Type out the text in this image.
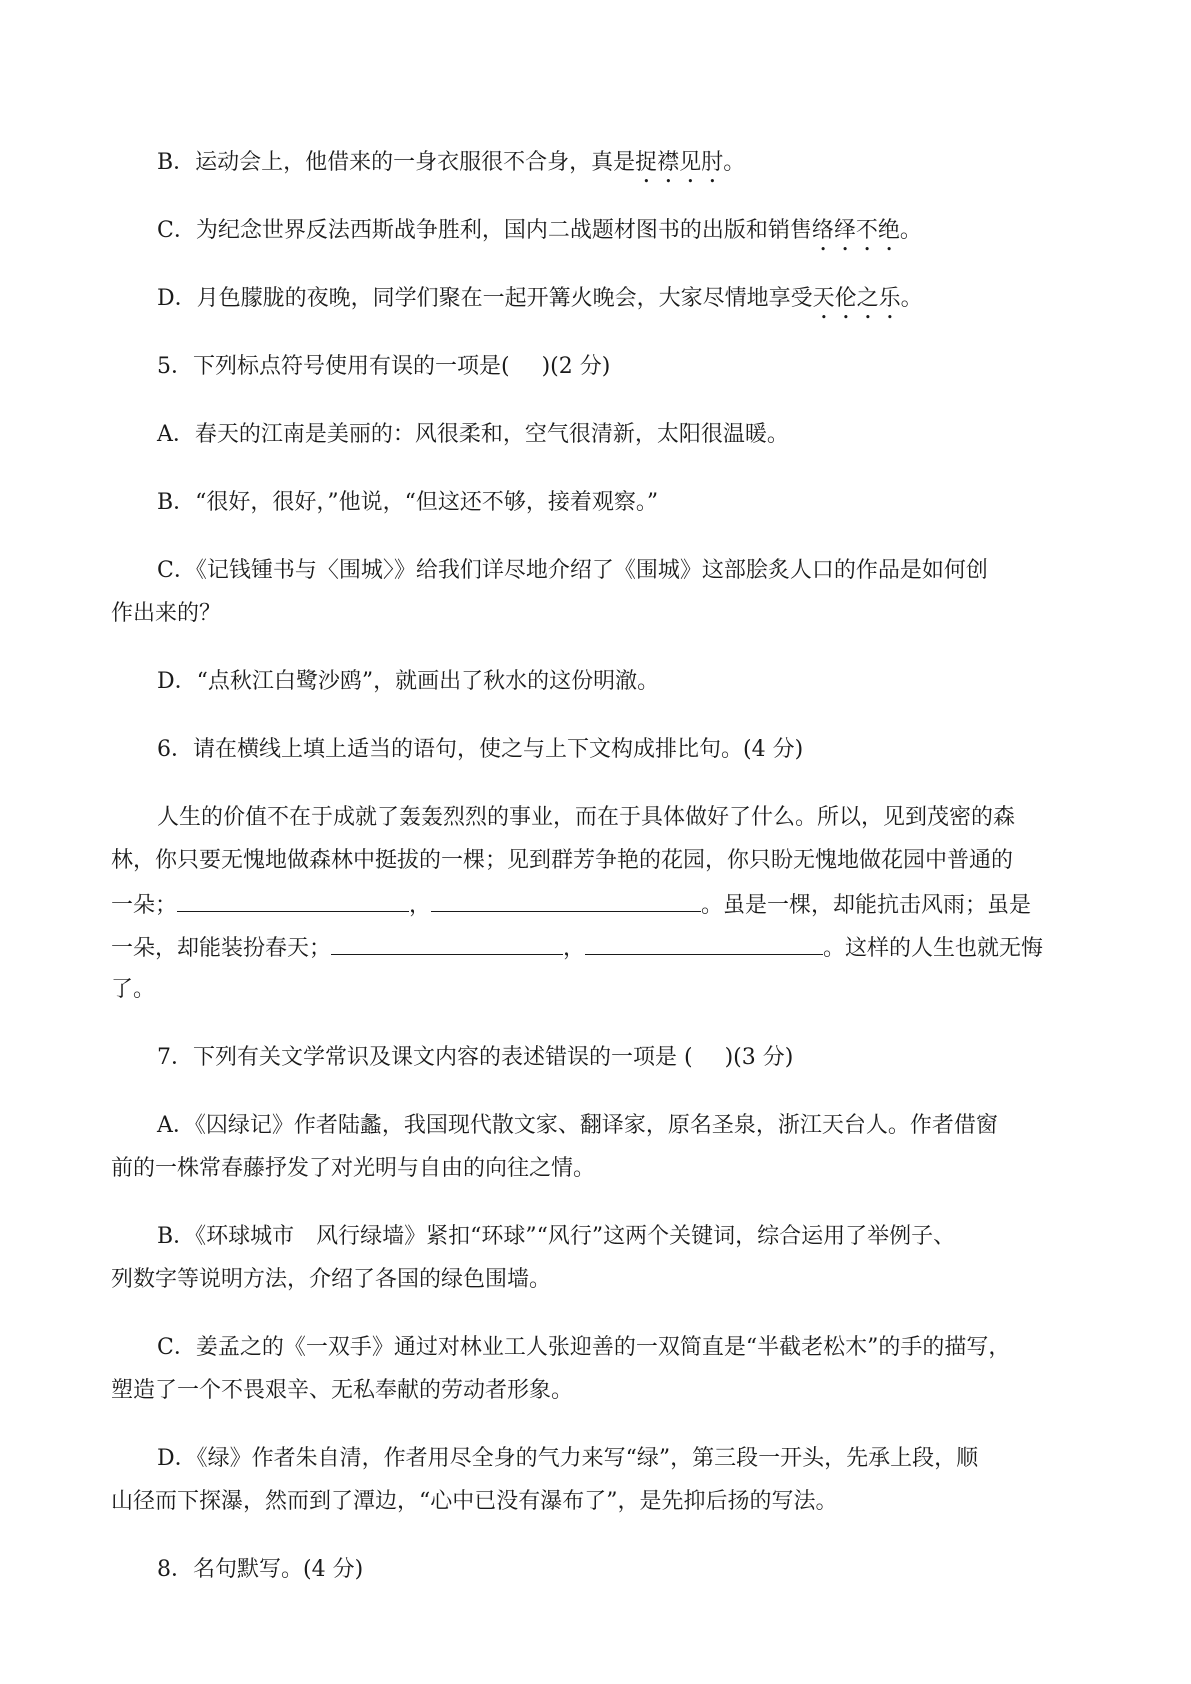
B．运动会上，他借来的一身衣服很不合身，真是捉襟见肘。
C．为纪念世界反法西斯战争胜利，国内二战题材图书的出版和销售络绎不绝。
D．月色朦胧的夜晚，同学们聚在一起开篝火晚会，大家尽情地享受天伦之乐。
5．下列标点符号使用有误的一项是( )(2 分)
A．春天的江南是美丽的：风很柔和，空气很清新，太阳很温暖。
B．“很好，很好，”他说，“但这还不够，接着观察。”
C．《记钱锺书与〈围城〉》给我们详尽地介绍了《围城》这部脍炙人口的作品是如何创
作出来的？
D．“点秋江白鹭沙鸥”，就画出了秋水的这份明澈。
6．请在横线上填上适当的语句，使之与上下文构成排比句。(4 分)
人生的价值不在于成就了轰轰烈烈的事业，而在于具体做好了什么。所以，见到茂密的森
林，你只要无愧地做森林中挺拔的一棵；见到群芳争艳的花园，你只盼无愧地做花园中普通的
一朵；	，	。虽是一棵，却能抗击风雨；虽是
一朵，却能装扮春天；	，	。这样的人生也就无悔
了。
7．下列有关文学常识及课文内容的表述错误的一项是 ( )(3 分)
A．《囚绿记》作者陆蠡，我国现代散文家、翻译家，原名圣泉，浙江天台人。作者借窗
前的一株常春藤抒发了对光明与自由的向往之情。
B．《环球城市　风行绿墙》紧扣“环球”“风行”这两个关键词，综合运用了举例子、
列数字等说明方法，介绍了各国的绿色围墙。
C．姜孟之的《一双手》通过对林业工人张迎善的一双简直是“半截老松木”的手的描写，
塑造了一个不畏艰辛、无私奉献的劳动者形象。
D．《绿》作者朱自清，作者用尽全身的气力来写“绿”，第三段一开头，先承上段，顺
山径而下探瀑，然而到了潭边，“心中已没有瀑布了”，是先抑后扬的写法。
8．名句默写。(4 分)
